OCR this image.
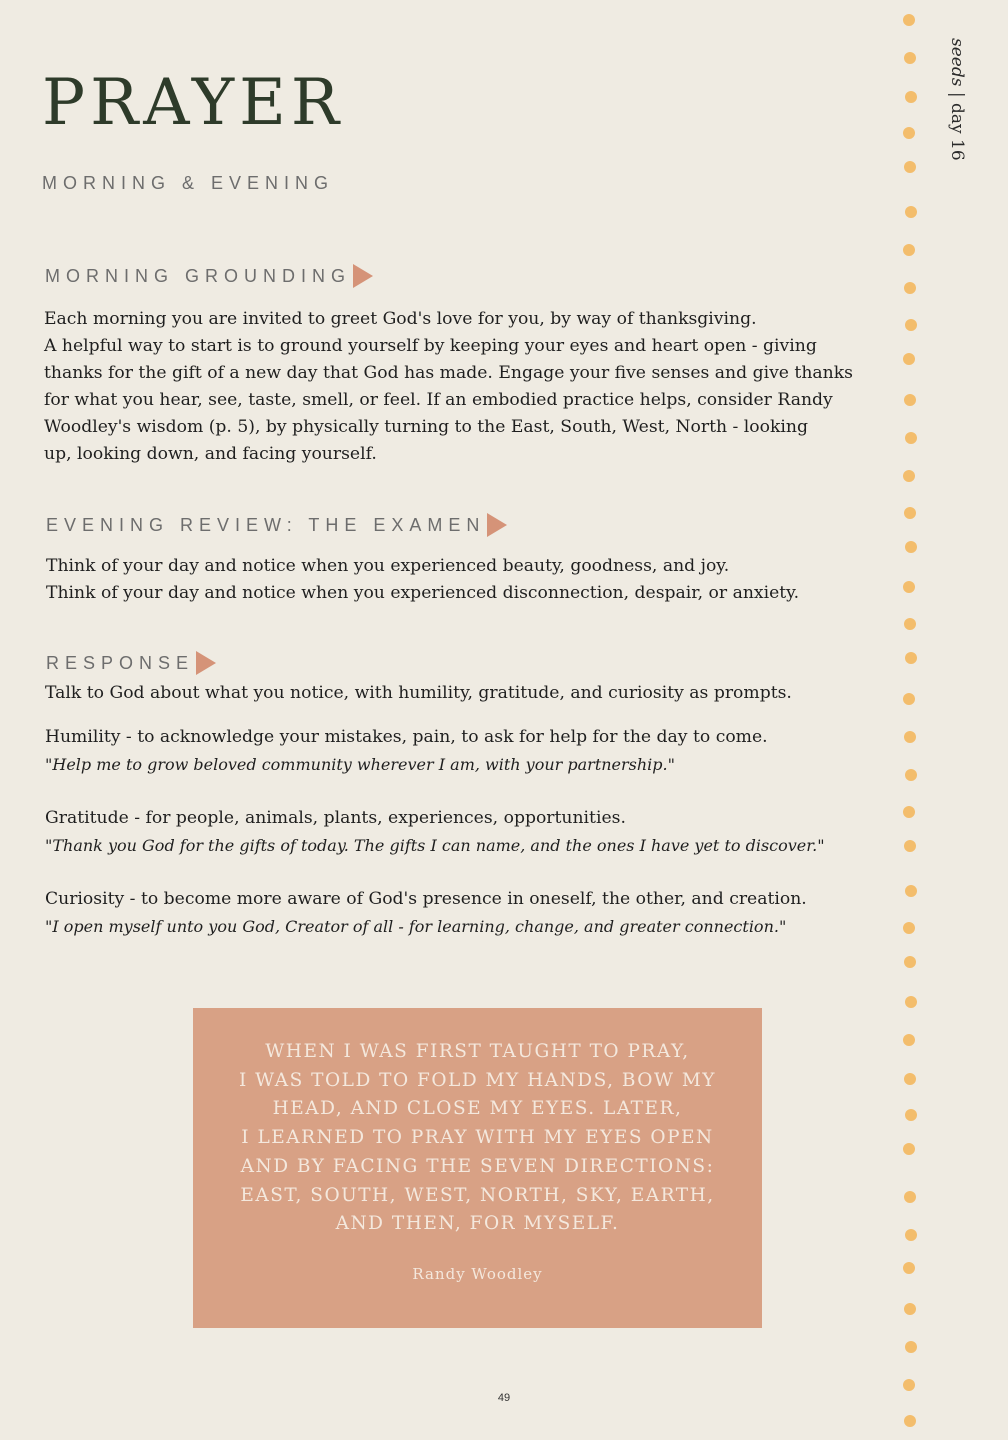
PRAYER
MORNING & EVENING
seeds | day 16
MORNING GROUNDING

Each morning you are invited to greet God's love for you, by way of thanksgiving.

A helpful way to start is to ground yourself by keeping your eyes and heart open - giving

thanks for the gift of a new day that God has made. Engage your five senses and give thanks

for what you hear, see, taste, smell, or feel. If an embodied practice helps, consider Randy

Woodley's wisdom (p. 5), by physically turning to the East, South, West, North - looking

up, looking down, and facing yourself.

EVENING REVIEW: THE EXAMEN

Think of your day and notice when you experienced beauty, goodness, and joy.

Think of your day and notice when you experienced disconnection, despair, or anxiety.

RESPONSE
Talk to God about what you notice, with humility, gratitude, and curiosity as prompts.

Humility - to acknowledge your mistakes, pain, to ask for help for the day to come.

"Help me to grow beloved community wherever I am, with your partnership."

Gratitude - for people, animals, plants, experiences, opportunities.

"Thank you God for the gifts of today. The gifts I can name, and the ones I have yet to discover."

Curiosity - to become more aware of God's presence in oneself, the other, and creation.

"I open myself unto you God, Creator of all - for learning, change, and greater connection."

WHEN I WAS FIRST TAUGHT TO PRAY,
I WAS TOLD TO FOLD MY HANDS, BOW MY
HEAD, AND CLOSE MY EYES. LATER,
I LEARNED TO PRAY WITH MY EYES OPEN
AND BY FACING THE SEVEN DIRECTIONS:
EAST, SOUTH, WEST, NORTH, SKY, EARTH,
AND THEN, FOR MYSELF.
Randy Woodley
49
